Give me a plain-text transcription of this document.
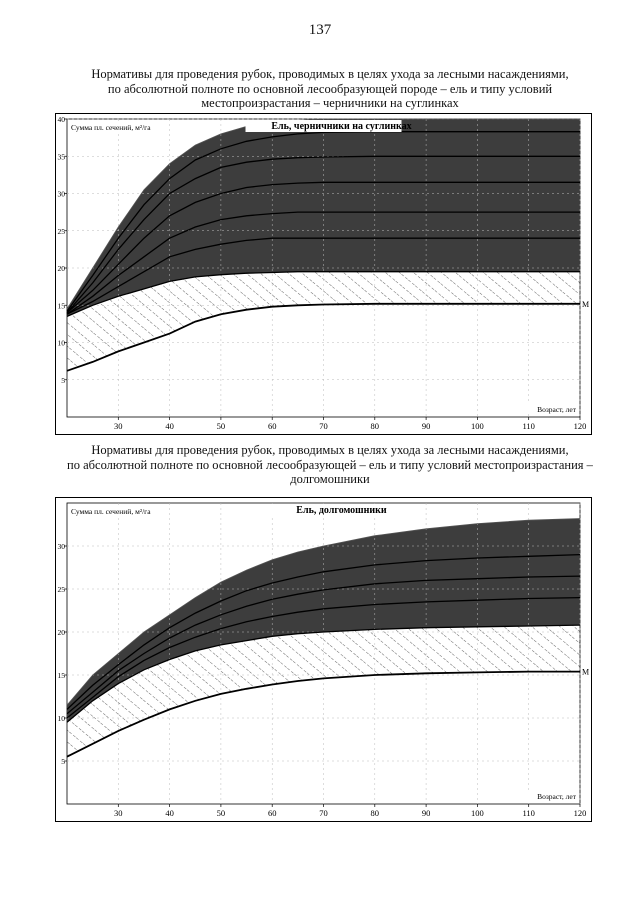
137
Нормативы для проведения рубок, проводимых в целях ухода за лесными насаждениями,
по абсолютной полноте по основной лесообразующей породе – ель и типу условий
местопроизрастания – черничники на суглинках
30	40	50	60	70	80	90	100	110	120
5
10
15
20
25
30
35
40
Ель, черничники на суглинках
Сумма пл. сечений, м²/га
Возраст, лет
M
Нормативы для проведения рубок, проводимых в целях ухода за лесными насаждениями,
по абсолютной полноте по основной лесообразующей – ель и типу условий местопроизрастания –
долгомошники
30	40	50	60	70	80	90	100	110	120
5
10
15
20
25
30
Ель, долгомошники
Сумма пл. сечений, м²/га
Возраст, лет
M
